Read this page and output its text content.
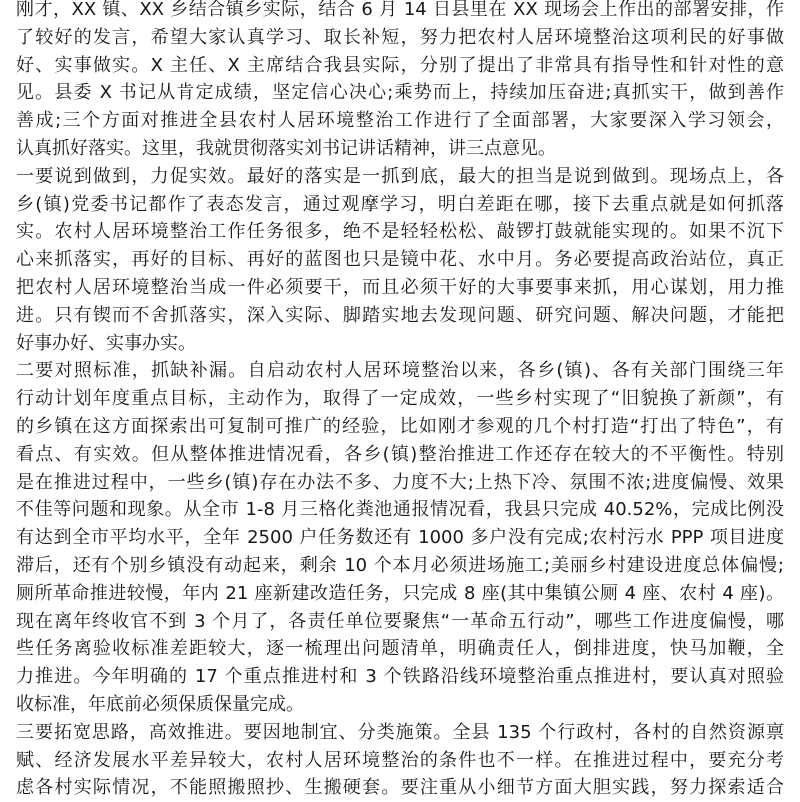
刚才，XX 镇、XX 乡结合镇乡实际，结合 6 月 14 日县里在 XX 现场会上作出的部署安排，作
了较好的发言，希望大家认真学习、取长补短，努力把农村人居环境整治这项利民的好事做
好、实事做实。X 主任、X 主席结合我县实际，分别了提出了非常具有指导性和针对性的意
见。县委 X 书记从肯定成绩，坚定信心决心;乘势而上，持续加压奋进;真抓实干，做到善作
善成;三个方面对推进全县农村人居环境整治工作进行了全面部署，大家要深入学习领会，
认真抓好落实。这里，我就贯彻落实刘书记讲话精神，讲三点意见。
一要说到做到，力促实效。最好的落实是一抓到底，最大的担当是说到做到。现场点上，各
乡(镇)党委书记都作了表态发言，通过观摩学习，明白差距在哪，接下去重点就是如何抓落
实。农村人居环境整治工作任务很多，绝不是轻轻松松、敲锣打鼓就能实现的。如果不沉下
心来抓落实，再好的目标、再好的蓝图也只是镜中花、水中月。务必要提高政治站位，真正
把农村人居环境整治当成一件必须要干，而且必须干好的大事要事来抓，用心谋划，用力推
进。只有锲而不舍抓落实，深入实际、脚踏实地去发现问题、研究问题、解决问题，才能把
好事办好、实事办实。
二要对照标准，抓缺补漏。自启动农村人居环境整治以来，各乡(镇)、各有关部门围绕三年
行动计划年度重点目标，主动作为，取得了一定成效，一些乡村实现了“旧貌换了新颜”，有
的乡镇在这方面探索出可复制可推广的经验，比如刚才参观的几个村打造“打出了特色”，有
看点、有实效。但从整体推进情况看，各乡(镇)整治推进工作还存在较大的不平衡性。特别
是在推进过程中，一些乡(镇)存在办法不多、力度不大;上热下冷、氛围不浓;进度偏慢、效果
不佳等问题和现象。从全市 1-8 月三格化粪池通报情况看，我县只完成 40.52%，完成比例没
有达到全市平均水平，全年 2500 户任务数还有 1000 多户没有完成;农村污水 PPP 项目进度
滞后，还有个别乡镇没有动起来，剩余 10 个本月必须进场施工;美丽乡村建设进度总体偏慢;
厕所革命推进较慢，年内 21 座新建改造任务，只完成 8 座(其中集镇公厕 4 座、农村 4 座)。
现在离年终收官不到 3 个月了，各责任单位要聚焦“一革命五行动”，哪些工作进度偏慢，哪
些任务离验收标准差距较大，逐一梳理出问题清单，明确责任人，倒排进度，快马加鞭，全
力推进。今年明确的 17 个重点推进村和 3 个铁路沿线环境整治重点推进村，要认真对照验
收标准，年底前必须保质保量完成。
三要拓宽思路，高效推进。要因地制宜、分类施策。全县 135 个行政村，各村的自然资源禀
赋、经济发展水平差异较大，农村人居环境整治的条件也不一样。在推进过程中，要充分考
虑各村实际情况，不能照搬照抄、生搬硬套。要注重从小细节方面大胆实践，努力探索适合
